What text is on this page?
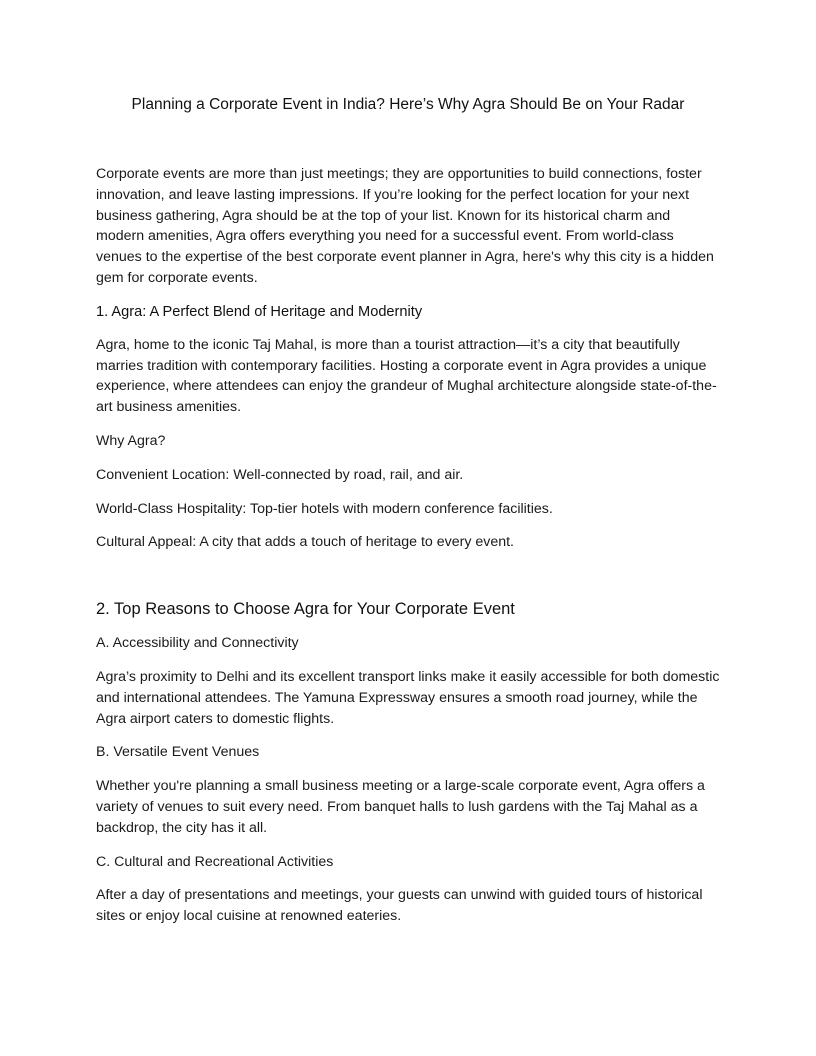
Planning a Corporate Event in India? Here’s Why Agra Should Be on Your Radar

Corporate events are more than just meetings; they are opportunities to build connections, foster innovation, and leave lasting impressions. If you’re looking for the perfect location for your next business gathering, Agra should be at the top of your list. Known for its historical charm and modern amenities, Agra offers everything you need for a successful event. From world-class venues to the expertise of the best corporate event planner in Agra, here's why this city is a hidden gem for corporate events.

1. Agra: A Perfect Blend of Heritage and Modernity

Agra, home to the iconic Taj Mahal, is more than a tourist attraction—it’s a city that beautifully marries tradition with contemporary facilities. Hosting a corporate event in Agra provides a unique experience, where attendees can enjoy the grandeur of Mughal architecture alongside state-of-the-art business amenities.

Why Agra?

Convenient Location: Well-connected by road, rail, and air.

World-Class Hospitality: Top-tier hotels with modern conference facilities.

Cultural Appeal: A city that adds a touch of heritage to every event.

2. Top Reasons to Choose Agra for Your Corporate Event

A. Accessibility and Connectivity

Agra’s proximity to Delhi and its excellent transport links make it easily accessible for both domestic and international attendees. The Yamuna Expressway ensures a smooth road journey, while the Agra airport caters to domestic flights.

B. Versatile Event Venues

Whether you're planning a small business meeting or a large-scale corporate event, Agra offers a variety of venues to suit every need. From banquet halls to lush gardens with the Taj Mahal as a backdrop, the city has it all.

C. Cultural and Recreational Activities

After a day of presentations and meetings, your guests can unwind with guided tours of historical sites or enjoy local cuisine at renowned eateries.
